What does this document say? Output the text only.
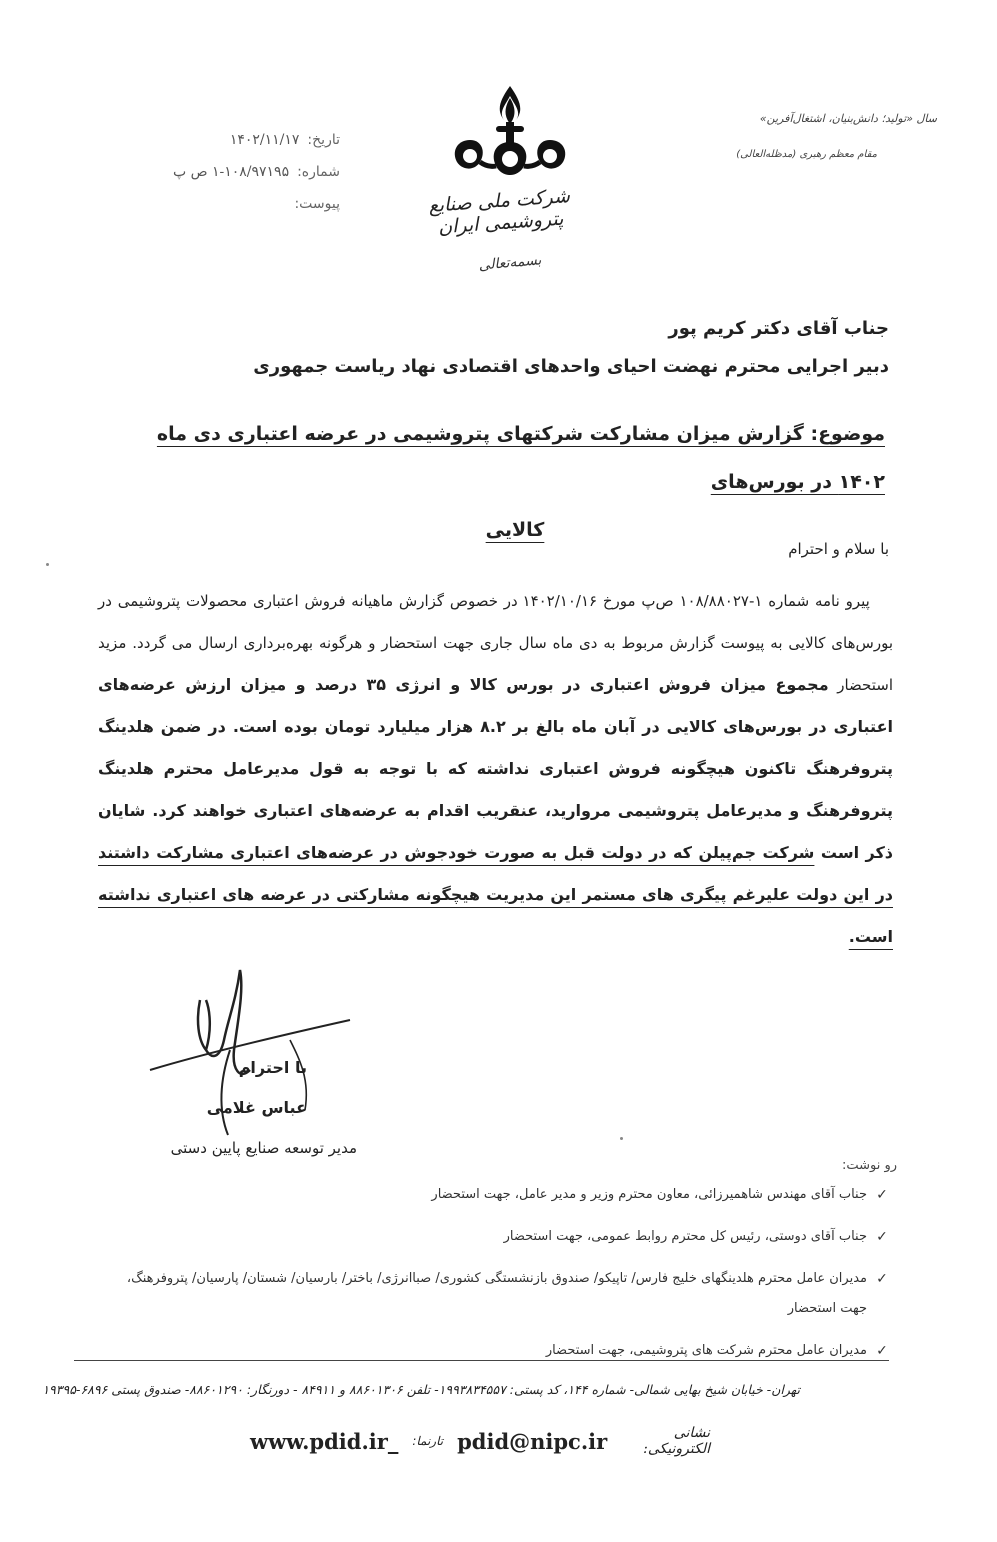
تاریخ:
۱۴۰۲/۱۱/۱۷
شماره:
۱-۱۰۸/۹۷۱۹۵ ص پ
پیوست:
سال «تولید؛ دانش‌بنیان، اشتغال‌آفرین»
مقام معظم رهبری (مدظله‌العالی)
شرکت ملی صنایع پتروشیمی ایران
بسمه‌تعالی
جناب آقای دکتر کریم پور
دبیر اجرایی محترم نهضت احیای واحدهای اقتصادی نهاد ریاست جمهوری
موضوع: گزارش میزان مشارکت شرکتهای پتروشیمی در عرضه اعتباری دی ماه ۱۴۰۲ در بورس‌های
کالایی
با سلام و احترام

پیرو نامه شماره ۱-۱۰۸/۸۸۰۲۷ ص‌پ مورخ ۱۴۰۲/۱۰/۱۶ در خصوص گزارش ماهیانه فروش اعتباری محصولات پتروشیمی در بورس‌های کالایی به پیوست گزارش مربوط به دی ماه سال جاری جهت استحضار و هرگونه بهره‌برداری ارسال می گردد. مزید استحضار مجموع میزان فروش اعتباری در بورس کالا و انرژی ۳۵ درصد و میزان ارزش عرضه‌های اعتباری در بورس‌های کالایی در آبان ماه بالغ بر ۸.۲ هزار میلیارد تومان بوده است. در ضمن هلدینگ پتروفرهنگ تاکنون هیچگونه فروش اعتباری نداشته که با توجه به قول مدیرعامل محترم هلدینگ پتروفرهنگ و مدیرعامل پتروشیمی مروارید، عنقریب اقدام به عرضه‌های اعتباری خواهند کرد. شایان ذکر است شرکت جم‌پیلن که در دولت قبل به صورت خودجوش در عرضه‌های اعتباری مشارکت داشتند در این دولت علیرغم پیگری های مستمر این مدیریت هیچگونه مشارکتی در عرضه های اعتباری نداشته است.

با احترام
عباس غلامی
مدیر توسعه صنایع پایین دستی
رو نوشت:
✓
جناب آقای مهندس شاهمیرزائی، معاون محترم وزیر و مدیر عامل، جهت استحضار
✓
جناب آقای دوستی، رئیس کل محترم روابط عمومی، جهت استحضار
✓
مدیران عامل محترم هلدینگهای خلیج فارس/ تاپیکو/ صندوق بازنشستگی کشوری/ صباانرژی/ باختر/ بارسیان/ شستان/ پارسیان/ پتروفرهنگ، جهت استحضار
✓
مدیران عامل محترم شرکت های پتروشیمی، جهت استحضار
تهران- خیابان شیخ بهایی شمالی- شماره ۱۴۴، کد پستی: ۱۹۹۳۸۳۴۵۵۷- تلفن ۸۸۶۰۱۳۰۶ و ۸۴۹۱۱ - دورنگار: ۸۸۶۰۱۲۹۰- صندوق پستی ۶۸۹۶-۱۹۳۹۵
نشانی الکترونیکی:
pdid@nipc.ir
تارنما:
www.pdid.ir_
